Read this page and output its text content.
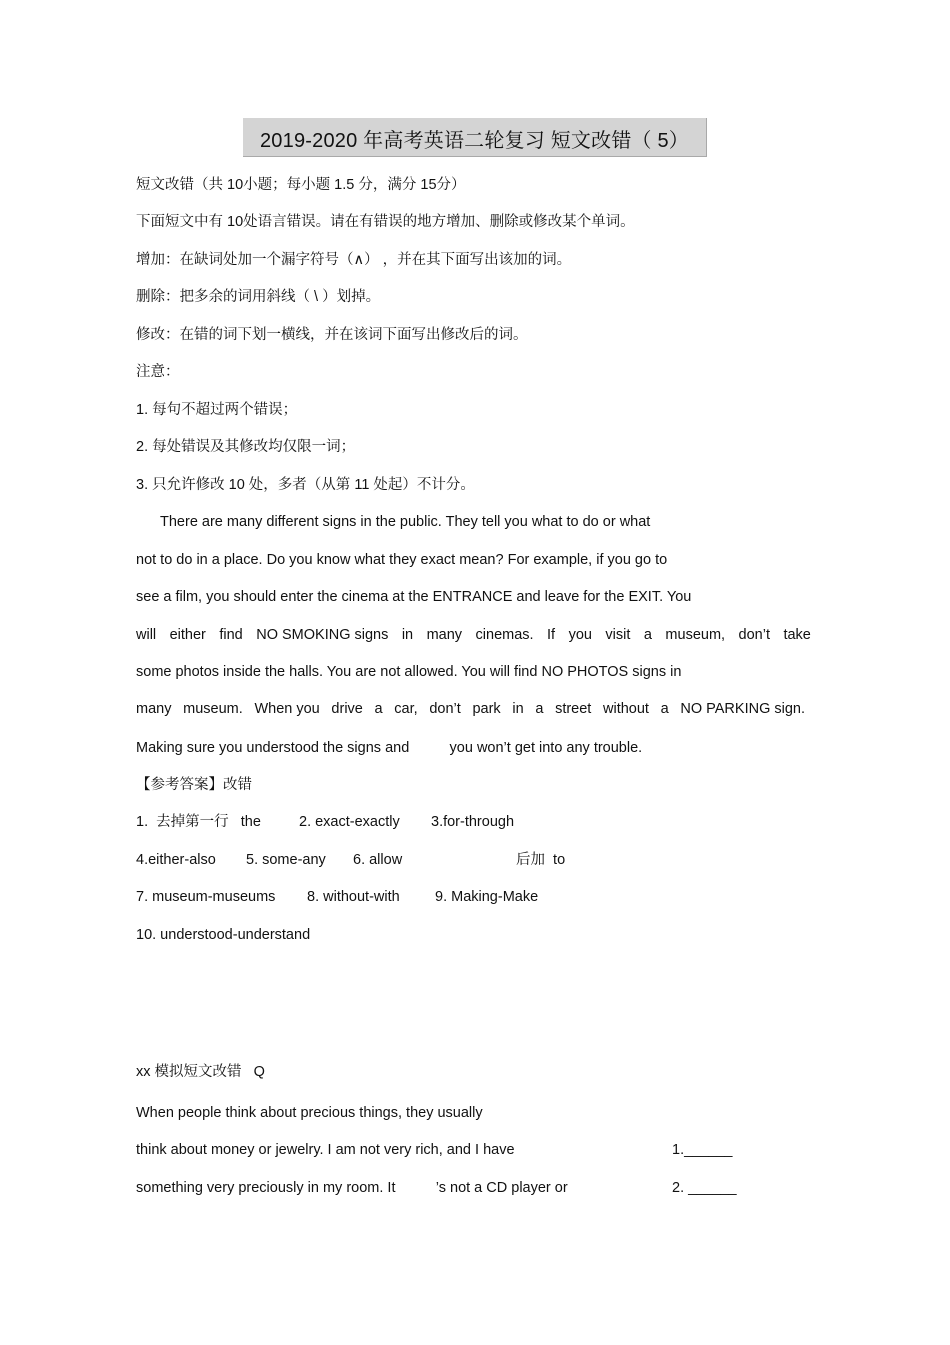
2019-2020 年高考英语二轮复习 短文改错（ 5）
短文改错（共 10小题；每小题 1.5 分，满分 15分）
下面短文中有 10处语言错误。请在有错误的地方增加、删除或修改某个单词。
增加：在缺词处加一个漏字符号（∧） ，并在其下面写出该加的词。
删除：把多余的词用斜线（ \ ）划掉。
修改：在错的词下划一横线，并在该词下面写出修改后的词。
注意：
1. 每句不超过两个错误；
2. 每处错误及其修改均仅限一词；
3. 只允许修改 10 处，多者（从第 11 处起）不计分。
There are many different signs in the public. They tell you what to do or what
not to do in a place. Do you know what they exact mean? For example, if you go to
see a film, you should enter the cinema at the ENTRANCE and leave for the EXIT. You
will either find NO SMOKING signs in many cinemas. If you visit a museum, don’t take
some photos inside the halls. You are not allowed. You will find NO PHOTOS signs in
many museum. When you drive a car, don’t park in a street without a NO PARKING sign.
Making sure you understood the signs and          you won’t get into any trouble.
【参考答案】改错
1.  去掉第一行   the	2. exact-exactly 3.for-through
4.either-also 5. some-any 6. allow	后加  to
7. museum-museums 8. without-with 9. Making-Make
10. understood-understand
xx 模拟短文改错   Q
When people think about precious things, they usually
think about money or jewelry. I am not very rich, and I have	1.______
something very preciously in my room. It          ’s not a CD player or	2. ______
